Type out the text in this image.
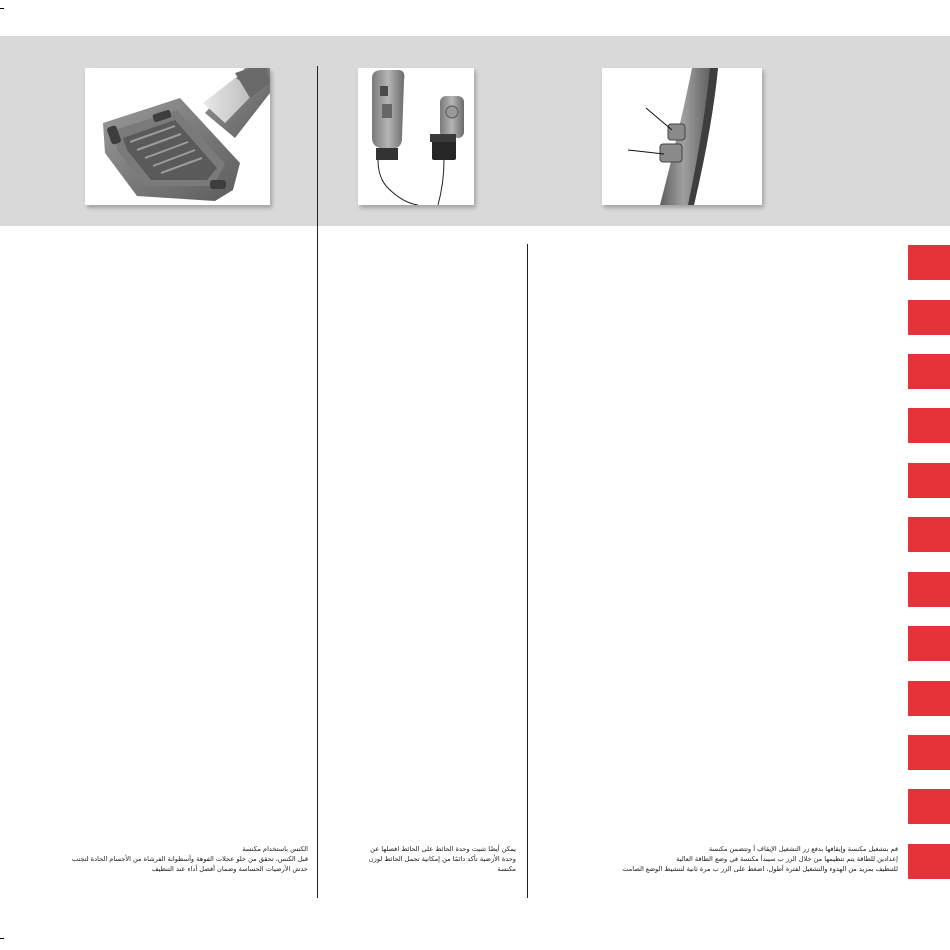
الكنس باستخدام مكنسة
قبل الكنس، تحقق من خلو عجلات الفوهة وأسطوانة الفرشاة من الأجسام الحادة لتجنب
خدش الأرضيات الحساسة وضمان أفضل أداء عند التنظيف
يمكن أيضًا تثبيت وحدة الحائط على الحائط افصلها عن
وحدة الأرضية تأكد دائمًا من إمكانية تحمل الحائط لوزن
مكنسة
قم بتشغيل مكنسة وإيقافها بدفع زر التشغيل الإيقاف أ وتتضمن مكنسة
إعدادين للطاقة يتم تنظيمها من خلال الزر ب سيبدأ مكنسة في وضع الطاقة العالية
للتنظيف بمزيد من الهدوء والتشغيل لفترة أطول، اضغط على الزر ب مرة ثانية لتنشيط الوضع الصامت
